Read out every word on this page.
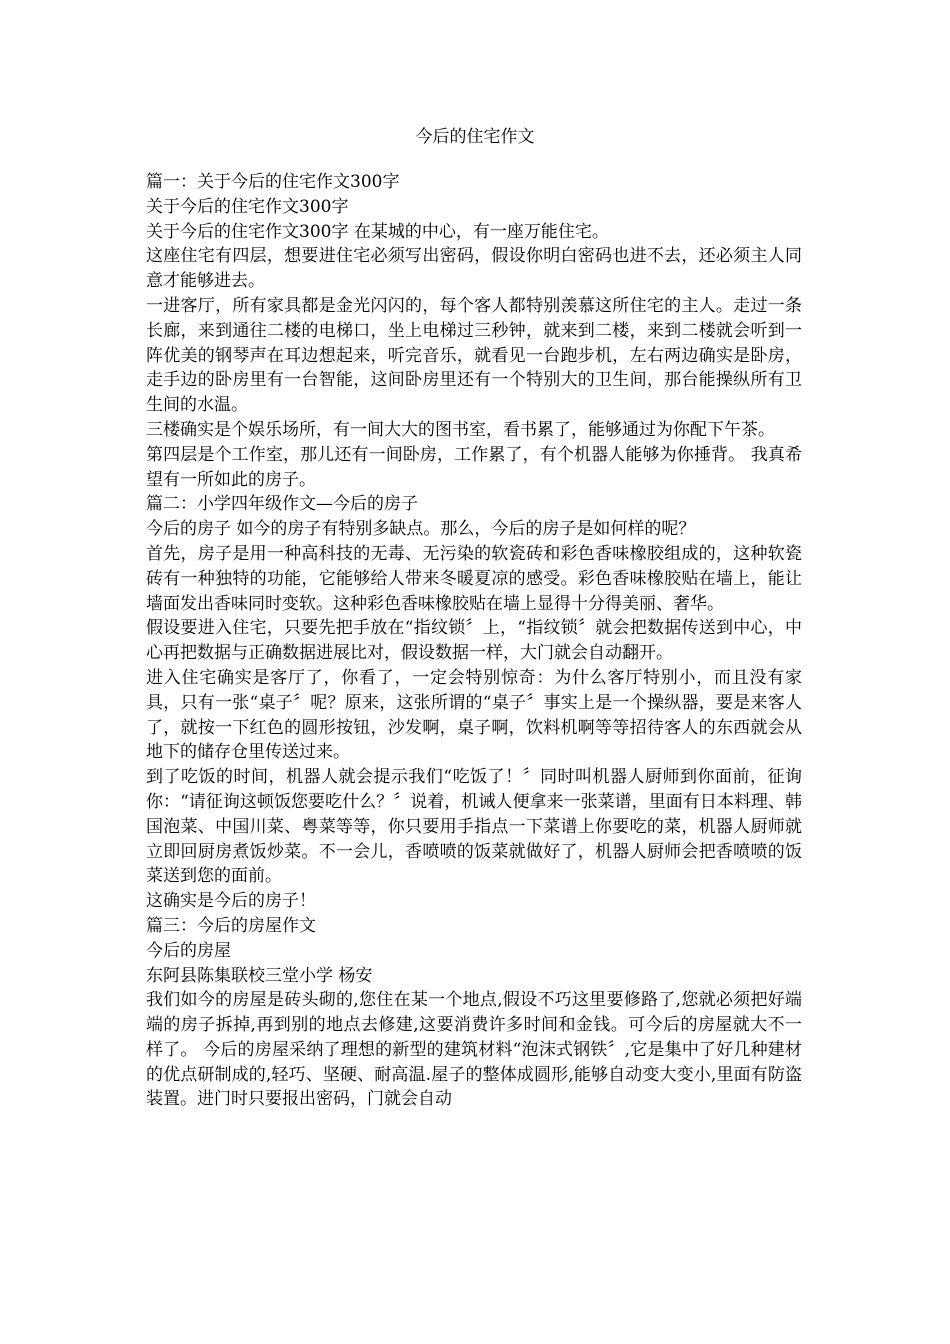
今后的住宅作文

篇一：关于今后的住宅作文300字

关于今后的住宅作文300字

关于今后的住宅作文300字 在某城的中心，有一座万能住宅。

这座住宅有四层，想要进住宅必须写出密码，假设你明白密码也进不去，还必须主人同意才能够进去。

一进客厅，所有家具都是金光闪闪的，每个客人都特别羡慕这所住宅的主人。走过一条长廊，来到通往二楼的电梯口，坐上电梯过三秒钟，就来到二楼，来到二楼就会听到一阵优美的钢琴声在耳边想起来，听完音乐，就看见一台跑步机，左右两边确实是卧房，走手边的卧房里有一台智能，这间卧房里还有一个特别大的卫生间，那台能操纵所有卫生间的水温。

三楼确实是个娱乐场所，有一间大大的图书室，看书累了，能够通过为你配下午茶。

第四层是个工作室，那儿还有一间卧房，工作累了，有个机器人能够为你捶背。 我真希望有一所如此的房子。

篇二：小学四年级作文—今后的房子

今后的房子 如今的房子有特别多缺点。那么，今后的房子是如何样的呢？

首先，房子是用一种高科技的无毒、无污染的软瓷砖和彩色香味橡胶组成的，这种软瓷砖有一种独特的功能，它能够给人带来冬暖夏凉的感受。彩色香味橡胶贴在墙上，能让墙面发出香味同时变软。这种彩色香味橡胶贴在墙上显得十分得美丽、奢华。

假设要进入住宅，只要先把手放在“指纹锁〞上，“指纹锁〞就会把数据传送到中心，中心再把数据与正确数据进展比对，假设数据一样，大门就会自动翻开。

进入住宅确实是客厅了，你看了，一定会特别惊奇：为什么客厅特别小，而且没有家具，只有一张“桌子〞呢？原来，这张所谓的“桌子〞事实上是一个操纵器，要是来客人了，就按一下红色的圆形按钮，沙发啊，桌子啊，饮料机啊等等招待客人的东西就会从地下的储存仓里传送过来。

到了吃饭的时间，机器人就会提示我们“吃饭了！〞同时叫机器人厨师到你面前，征询你：“请征询这顿饭您要吃什么？〞说着，机诫人便拿来一张菜谱，里面有日本料理、韩国泡菜、中国川菜、粤菜等等，你只要用手指点一下菜谱上你要吃的菜，机器人厨师就立即回厨房煮饭炒菜。不一会儿，香喷喷的饭菜就做好了，机器人厨师会把香喷喷的饭菜送到您的面前。

这确实是今后的房子！

篇三：今后的房屋作文

今后的房屋

东阿县陈集联校三堂小学 杨安

我们如今的房屋是砖头砌的,您住在某一个地点,假设不巧这里要修路了,您就必须把好端端的房子拆掉,再到别的地点去修建,这要消费许多时间和金钱。可今后的房屋就大不一样了。 今后的房屋采纳了理想的新型的建筑材料“泡沫式钢铁〞,它是集中了好几种建材的优点研制成的,轻巧、坚硬、耐高温.屋子的整体成圆形,能够自动变大变小,里面有防盗装置。进门时只要报出密码，门就会自动
